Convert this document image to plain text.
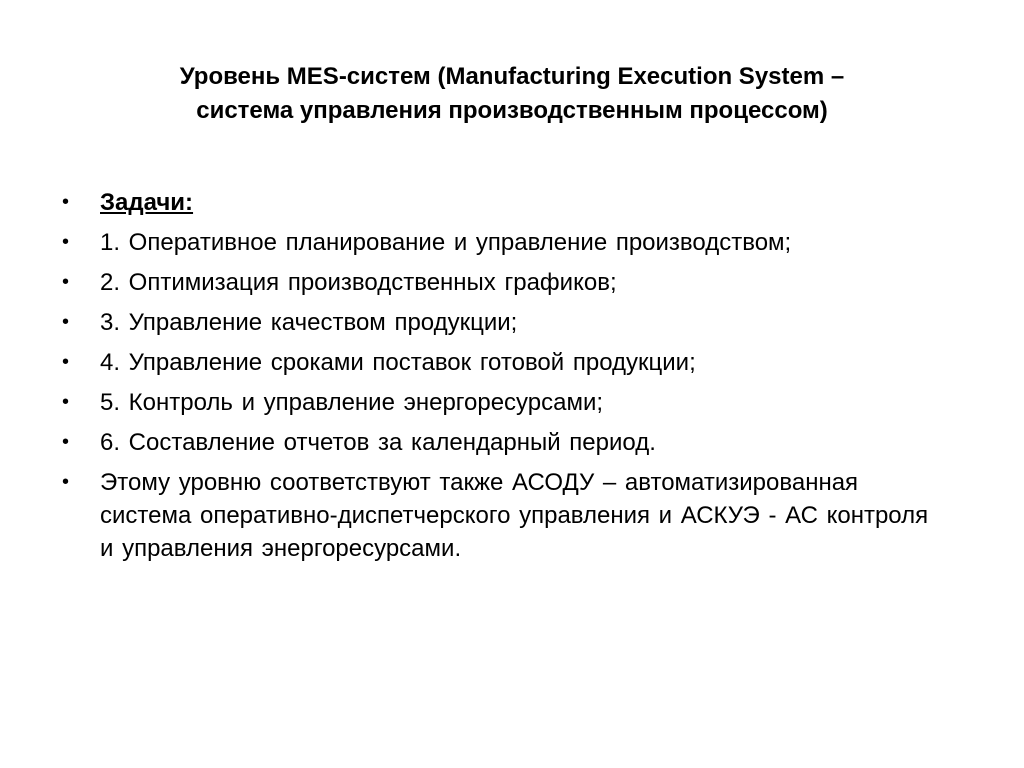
Уровень MES-систем (Manufacturing Execution System –
система управления производственным процессом)
• Задачи:
• 1. Оперативное планирование и управление производством;
• 2. Оптимизация производственных графиков;
• 3. Управление качеством продукции;
• 4. Управление сроками поставок готовой продукции;
• 5. Контроль и управление энергоресурсами;
• 6. Составление отчетов за календарный период.
• Этому уровню соответствуют также АСОДУ – автоматизированная система оперативно-диспетчерского управления и АСКУЭ - АС контроля и управления энергоресурсами.
